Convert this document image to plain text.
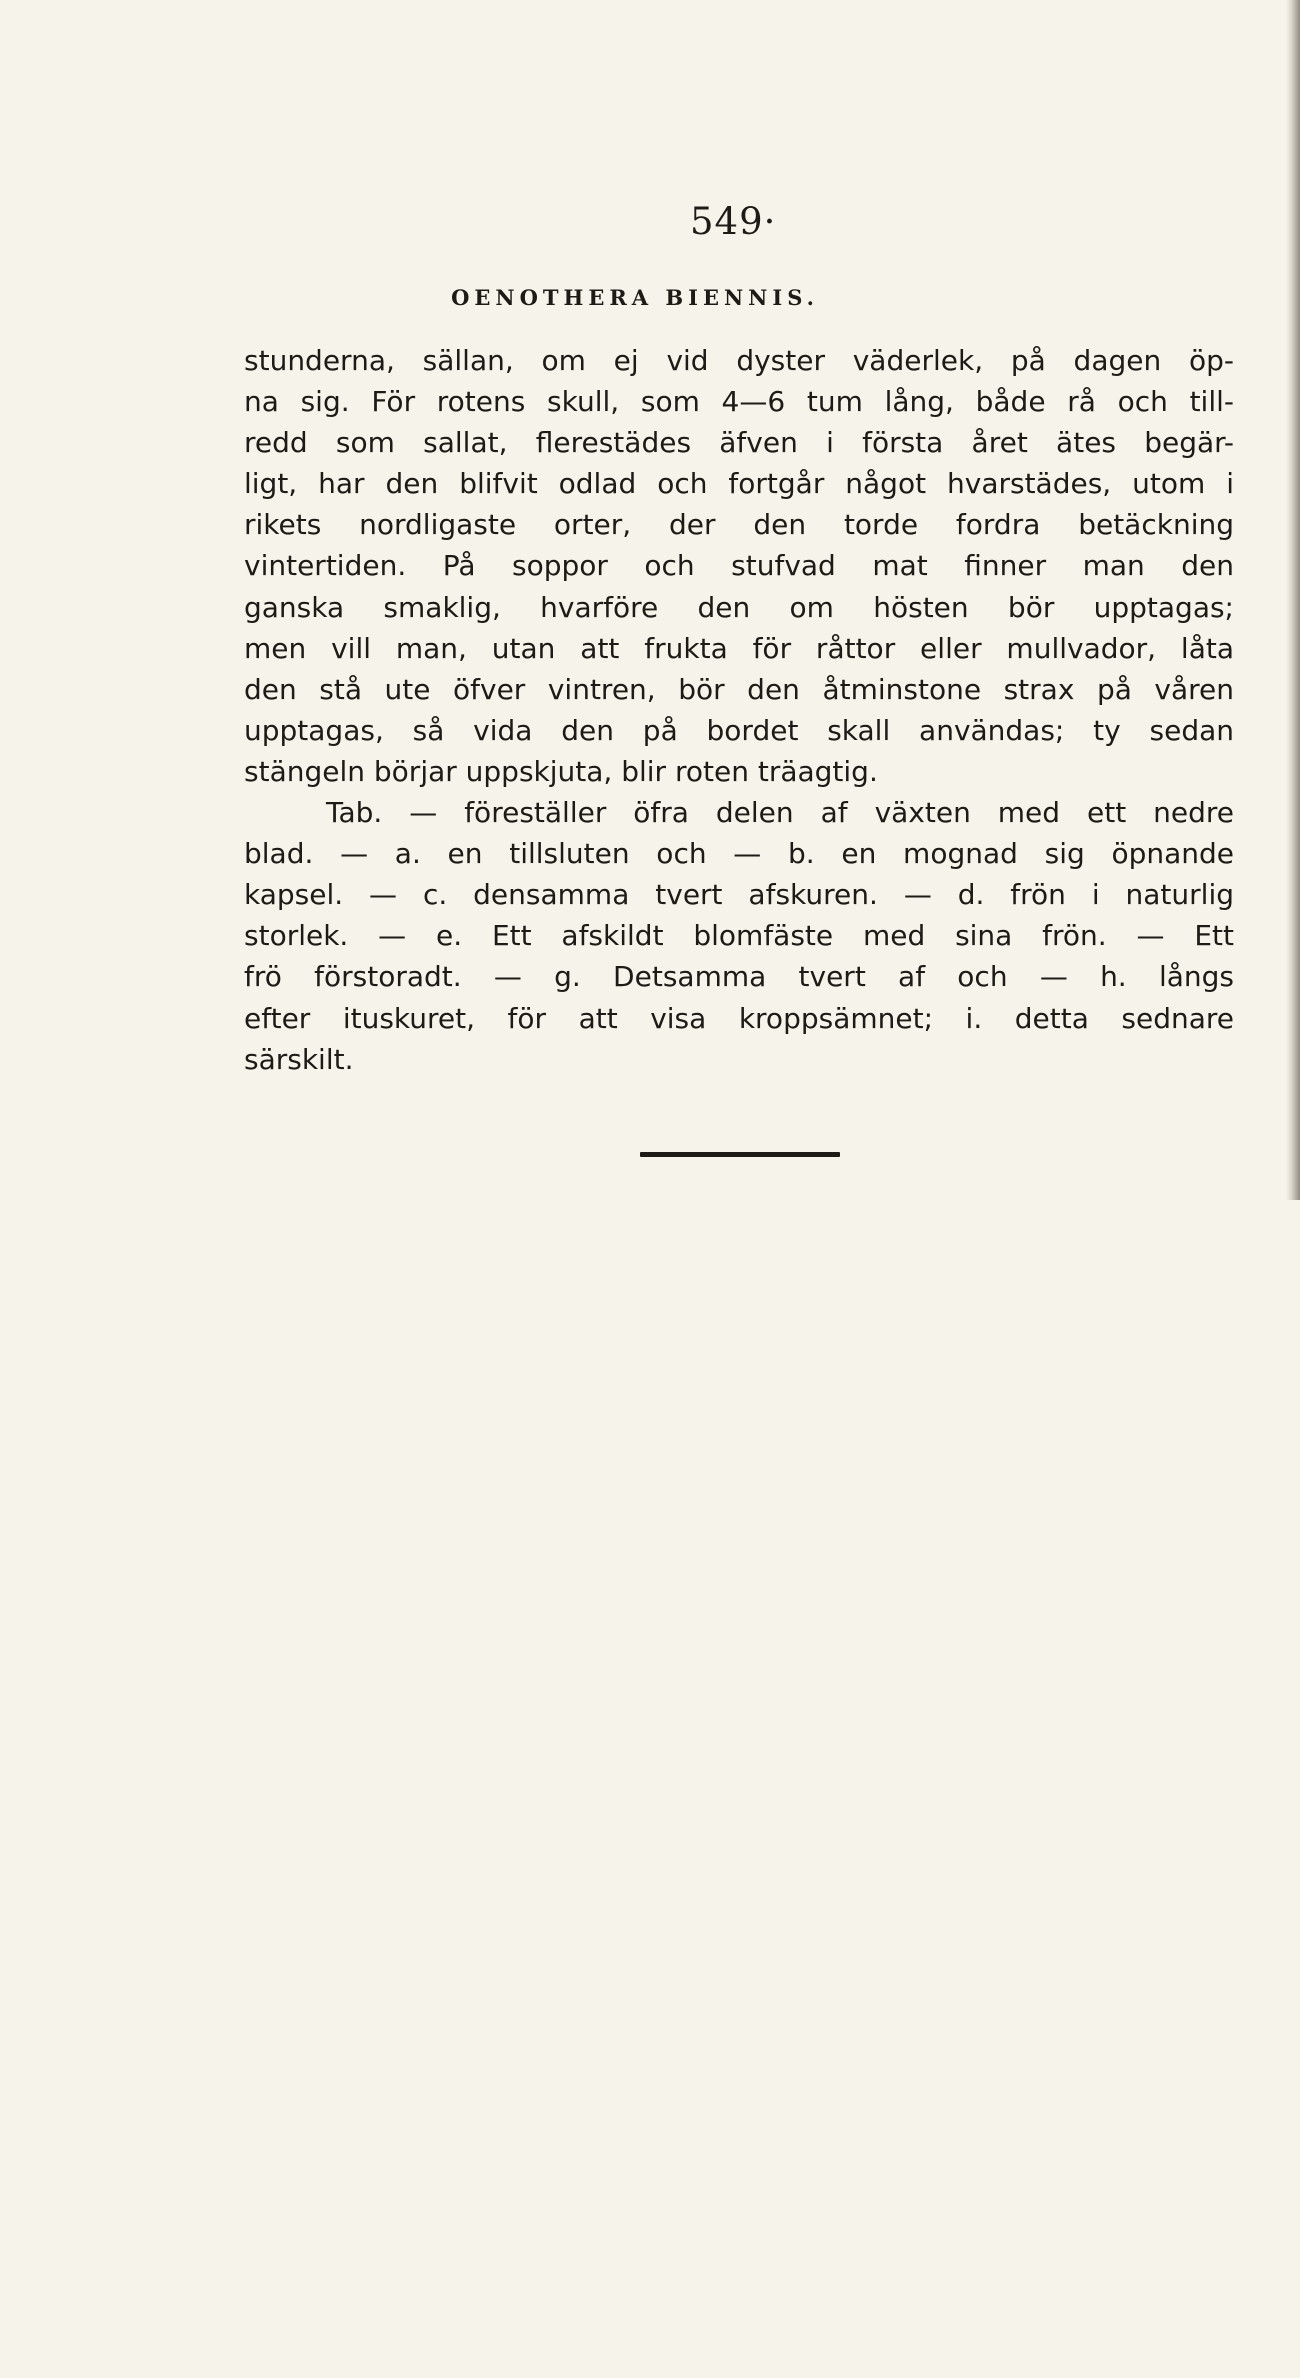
549·
OENOTHERA BIENNIS.
stunderna, sällan, om ej vid dyster väderlek, på dagen öp-
na sig. För rotens skull, som 4—6 tum lång, både rå och till-
redd som sallat, flerestädes äfven i första året ätes begär-
ligt, har den blifvit odlad och fortgår något hvarstädes, utom i
rikets nordligaste orter, der den torde fordra betäckning
vintertiden. På soppor och stufvad mat finner man den
ganska smaklig, hvarföre den om hösten bör upptagas;
men vill man, utan att frukta för råttor eller mullvador, låta
den stå ute öfver vintren, bör den åtminstone strax på våren
upptagas, så vida den på bordet skall användas; ty sedan
stängeln börjar uppskjuta, blir roten träagtig.
Tab. — föreställer öfra delen af växten med ett nedre
blad. — a. en tillsluten och — b. en mognad sig öpnande
kapsel. — c. densamma tvert afskuren. — d. frön i naturlig
storlek. — e. Ett afskildt blomfäste med sina frön. — Ett
frö förstoradt. — g. Detsamma tvert af och — h. långs
efter ituskuret, för att visa kroppsämnet; i. detta sednare
särskilt.
